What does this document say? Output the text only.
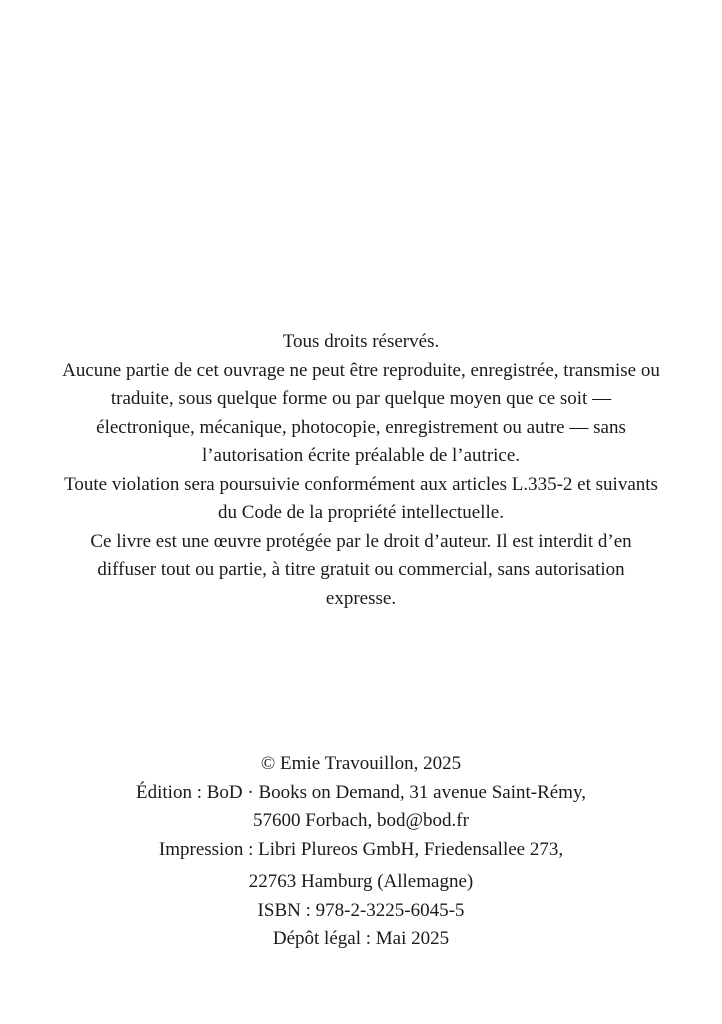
Tous droits réservés.

Aucune partie de cet ouvrage ne peut être reproduite, enregistrée, transmise ou traduite, sous quelque forme ou par quelque moyen que ce soit — électronique, mécanique, photocopie, enregistrement ou autre — sans l’autorisation écrite préalable de l’autrice.

Toute violation sera poursuivie conformément aux articles L.335-2 et suivants du Code de la propriété intellectuelle.

Ce livre est une œuvre protégée par le droit d’auteur. Il est interdit d’en diffuser tout ou partie, à titre gratuit ou commercial, sans autorisation expresse.

© Emie Travouillon, 2025

Édition : BoD · Books on Demand, 31 avenue Saint-Rémy,

57600 Forbach, bod@bod.fr

Impression : Libri Plureos GmbH, Friedensallee 273,

22763 Hamburg (Allemagne)

ISBN : 978-2-3225-6045-5

Dépôt légal : Mai 2025
